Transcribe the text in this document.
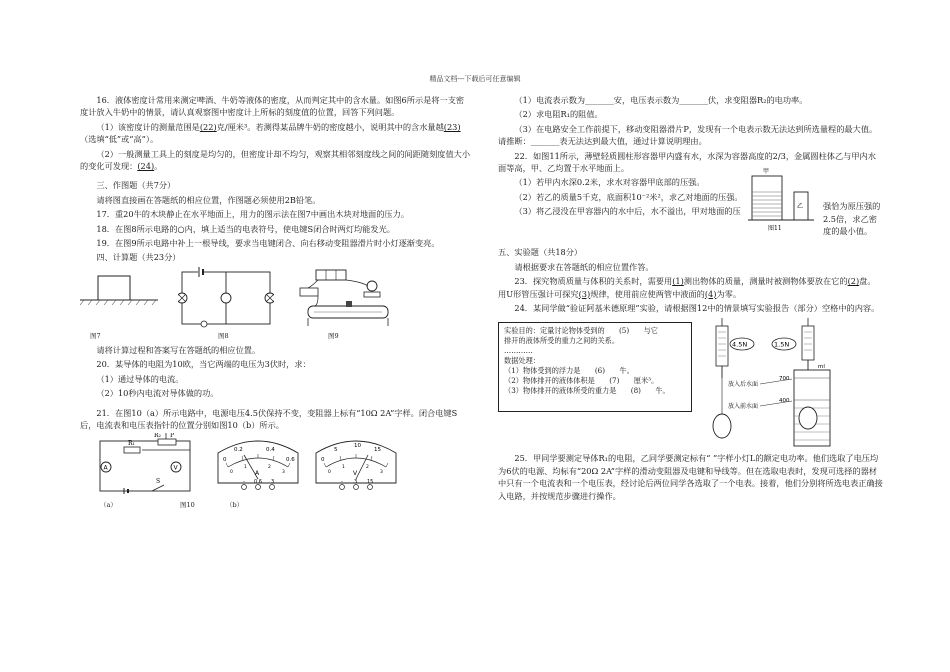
精品文档---下载后可任意编辑

16．液体密度计常用来测定啤酒、牛奶等液体的密度，从而判定其中的含水量。如图6所示是将一支密度计放入牛奶中的情景，请认真观察图中密度计上所标的刻度值的位置，回答下列问题。

（1）该密度计的测量范围是(22)克/厘米³。若测得某品牌牛奶的密度越小，说明其中的含水量越(23)（选填“低”或“高”）。

（2）一般测量工具上的刻度是均匀的，但密度计却不均匀，观察其相邻刻度线之间的间距随刻度值大小的变化可发现：(24)。

三、作图题（共7分）

请将图直接画在答题纸的相应位置，作图题必须使用2B铅笔。

17．重20牛的木块静止在水平地面上，用力的图示法在图7中画出木块对地面的压力。

18．在图8所示电路的○内，填上适当的电表符号，使电键S闭合时两灯均能发光。

19．在图9所示电路中补上一根导线，要求当电键闭合、向右移动变阻器滑片时小灯逐渐变亮。

四、计算题（共23分）

图7	图8	图9

请将计算过程和答案写在答题纸的相应位置。

20．某导体的电阻为10欧，当它两端的电压为3伏时，求：

（1）通过导体的电流。

（2）10秒内电流对导体做的功。

21．在图10（a）所示电路中，电源电压4.5伏保持不变，变阻器上标有“10Ω 2A”字样。闭合电键S后，电流表和电压表指针的位置分别如图10（b）所示。

R₁
R₂ P
A	V
S
0.2	0.4
0	0.6
0
1	2
3
A
- 0.6 3
5
10
15
0
0
1	2
3
V
- 3 15
（a）	图10	（b）

（1）电流表示数为_______安，电压表示数为_______伏，求变阻器R₂的电功率。

（2）求电阻R₁的阻值。

（3）在电路安全工作前提下，移动变阻器滑片P，发现有一个电表示数无法达到所选量程的最大值。请推断：_______表无法达到最大值，通过计算说明理由。

22．如图11所示，薄壁轻质圆柱形容器甲内盛有水，水深为容器高度的2/3，金属圆柱体乙与甲内水面等高，甲、乙均置于水平地面上。

（1）若甲内水深0.2米，求水对容器甲底部的压强。

（2）若乙的质量5千克，底面积10⁻²米²，求乙对地面的压强。

（3）将乙浸没在甲容器内的水中后，水不溢出，甲对地面的压

甲
乙
图11
强恰为原压强的2.5倍，求乙密度的最小值。

五、实验题（共18分）

请根据要求在答题纸的相应位置作答。

23．探究物质质量与体积的关系时，需要用(1)测出物体的质量，测量时被测物体要放在它的(2)盘。用U形管压强计可探究(3)规律，使用前应使两管中液面的(4)为零。

24．某同学做“验证阿基米德原理”实验，请根据图12中的情景填写实验报告（部分）空格中的内容。

实验目的：定量讨论物体受到的　　(5)　　与它
排开的液体所受的重力之间的关系。
…………
数据处理：
（1）物体受到的浮力是　　(6)　　牛。
（2）物体排开的液体体积是　　(7)　　厘米³。
（3）物体排开的液体所受的重力是　　(8)　　牛。
4.5N	1.5N
700
400
ml
放入后水面
放入前水面

25．甲同学要测定导体R₁的电阻，乙同学要测定标有“ ”字样小灯L的额定电功率。他们选取了电压均为6伏的电源、均标有“20Ω 2A”字样的滑动变阻器及电键和导线等。但在选取电表时，发现可选择的器材中只有一个电流表和一个电压表，经讨论后两位同学各选取了一个电表。接着，他们分别将所选电表正确接入电路，并按规范步骤进行操作。
